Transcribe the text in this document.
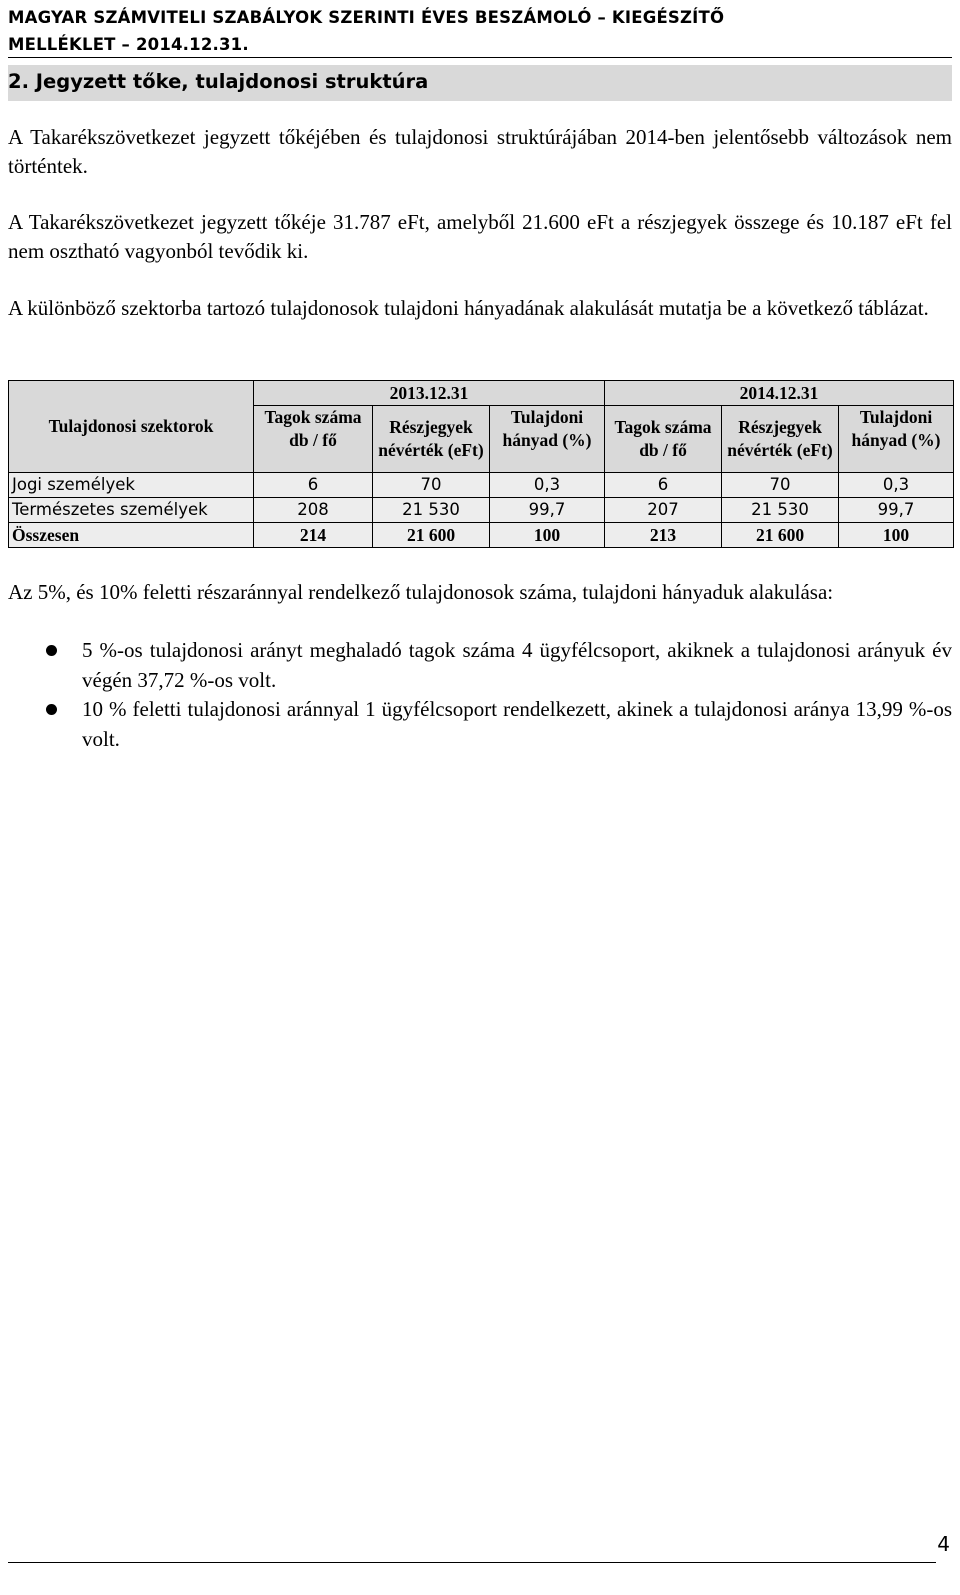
MAGYAR SZÁMVITELI SZABÁLYOK SZERINTI ÉVES BESZÁMOLÓ – KIEGÉSZÍTŐ
MELLÉKLET – 2014.12.31.
2. Jegyzett tőke, tulajdonosi struktúra

A Takarékszövetkezet jegyzett tőkéjében és tulajdonosi struktúrájában 2014-ben jelentősebb változások nem történtek.

A Takarékszövetkezet jegyzett tőkéje 31.787 eFt, amelyből 21.600 eFt a részjegyek összege és 10.187 eFt fel nem osztható vagyonból tevődik ki.

A különböző szektorba tartozó tulajdonosok tulajdoni hányadának alakulását mutatja be a következő táblázat.

Tulajdonosi szektorok	2013.12.31			2014.12.31		
	Tagok száma db / fő	Részjegyek névérték (eFt)	Tulajdoni hányad (%)	Tagok száma db / fő	Részjegyek névérték (eFt)	Tulajdoni hányad (%)
Jogi személyek	6	70	0,3	6	70	0,3
Természetes személyek	208	21 530	99,7	207	21 530	99,7
Összesen	214	21 600	100	213	21 600	100

Az 5%, és 10% feletti részaránnyal rendelkező tulajdonosok száma, tulajdoni hányaduk alakulása:

5 %-os tulajdonosi arányt meghaladó tagok száma 4 ügyfélcsoport, akiknek a tulajdonosi arányuk év végén 37,72 %-os volt.
10 % feletti tulajdonosi aránnyal 1 ügyfélcsoport rendelkezett, akinek a tulajdonosi aránya 13,99 %-os volt.
4
